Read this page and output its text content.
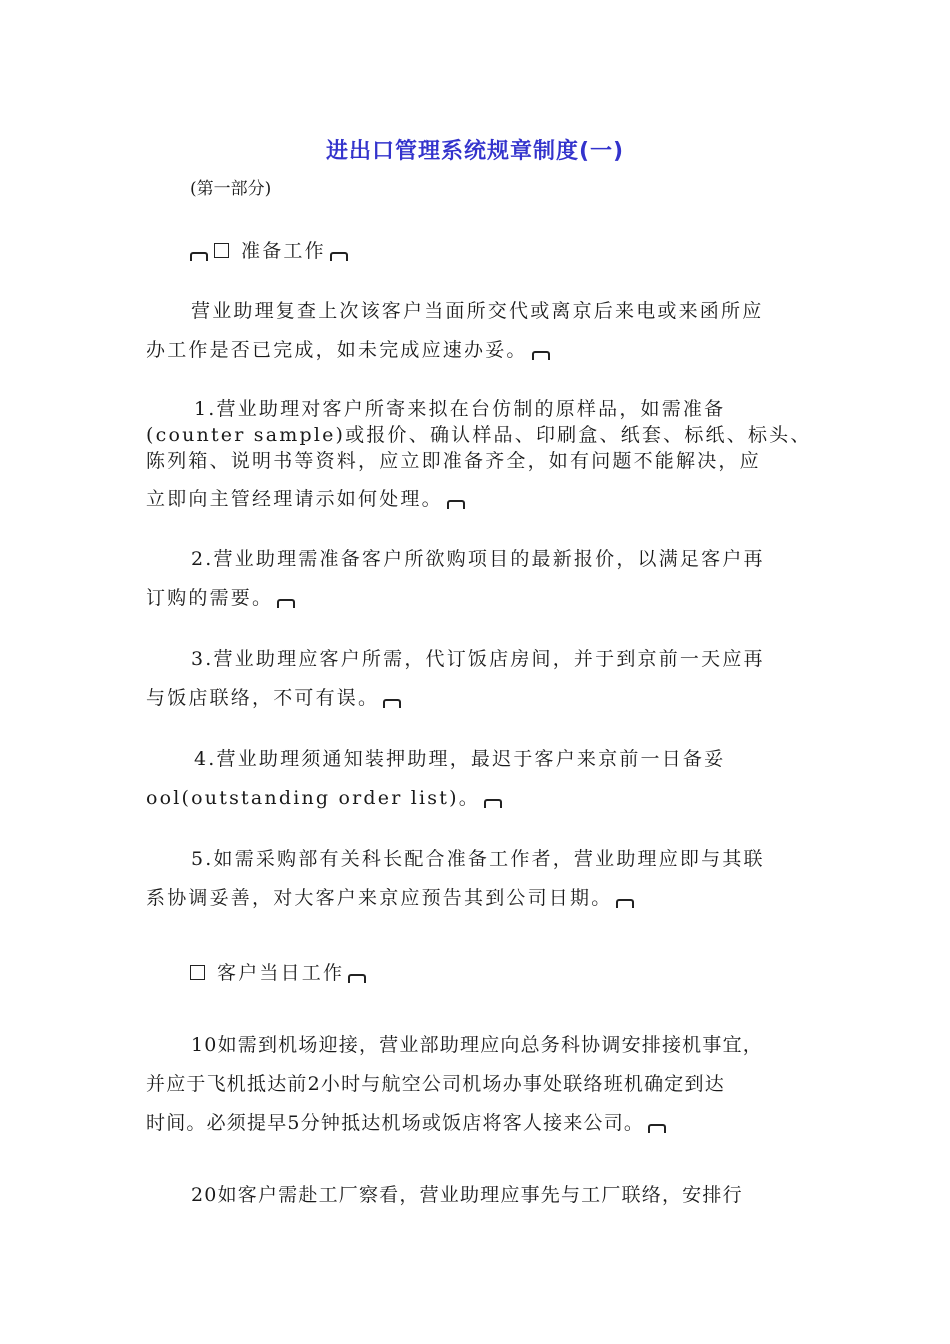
进出口管理系统规章制度(一)
(第一部分)
准备工作
营业助理复查上次该客户当面所交代或离京后来电或来函所应
办工作是否已完成，如未完成应速办妥。
1.营业助理对客户所寄来拟在台仿制的原样品，如需准备
(counter sample)或报价、确认样品、印刷盒、纸套、标纸、标头、
陈列箱、说明书等资料，应立即准备齐全，如有问题不能解决，应
立即向主管经理请示如何处理。
2.营业助理需准备客户所欲购项目的最新报价，以满足客户再
订购的需要。
3.营业助理应客户所需，代订饭店房间，并于到京前一天应再
与饭店联络，不可有误。
4.营业助理须通知装押助理，最迟于客户来京前一日备妥
ool(outstanding order list)。
5.如需采购部有关科长配合准备工作者，营业助理应即与其联
系协调妥善，对大客户来京应预告其到公司日期。
客户当日工作
10如需到机场迎接，营业部助理应向总务科协调安排接机事宜，
并应于飞机抵达前2小时与航空公司机场办事处联络班机确定到达
时间。必须提早5分钟抵达机场或饭店将客人接来公司。
20如客户需赴工厂察看，营业助理应事先与工厂联络，安排行
